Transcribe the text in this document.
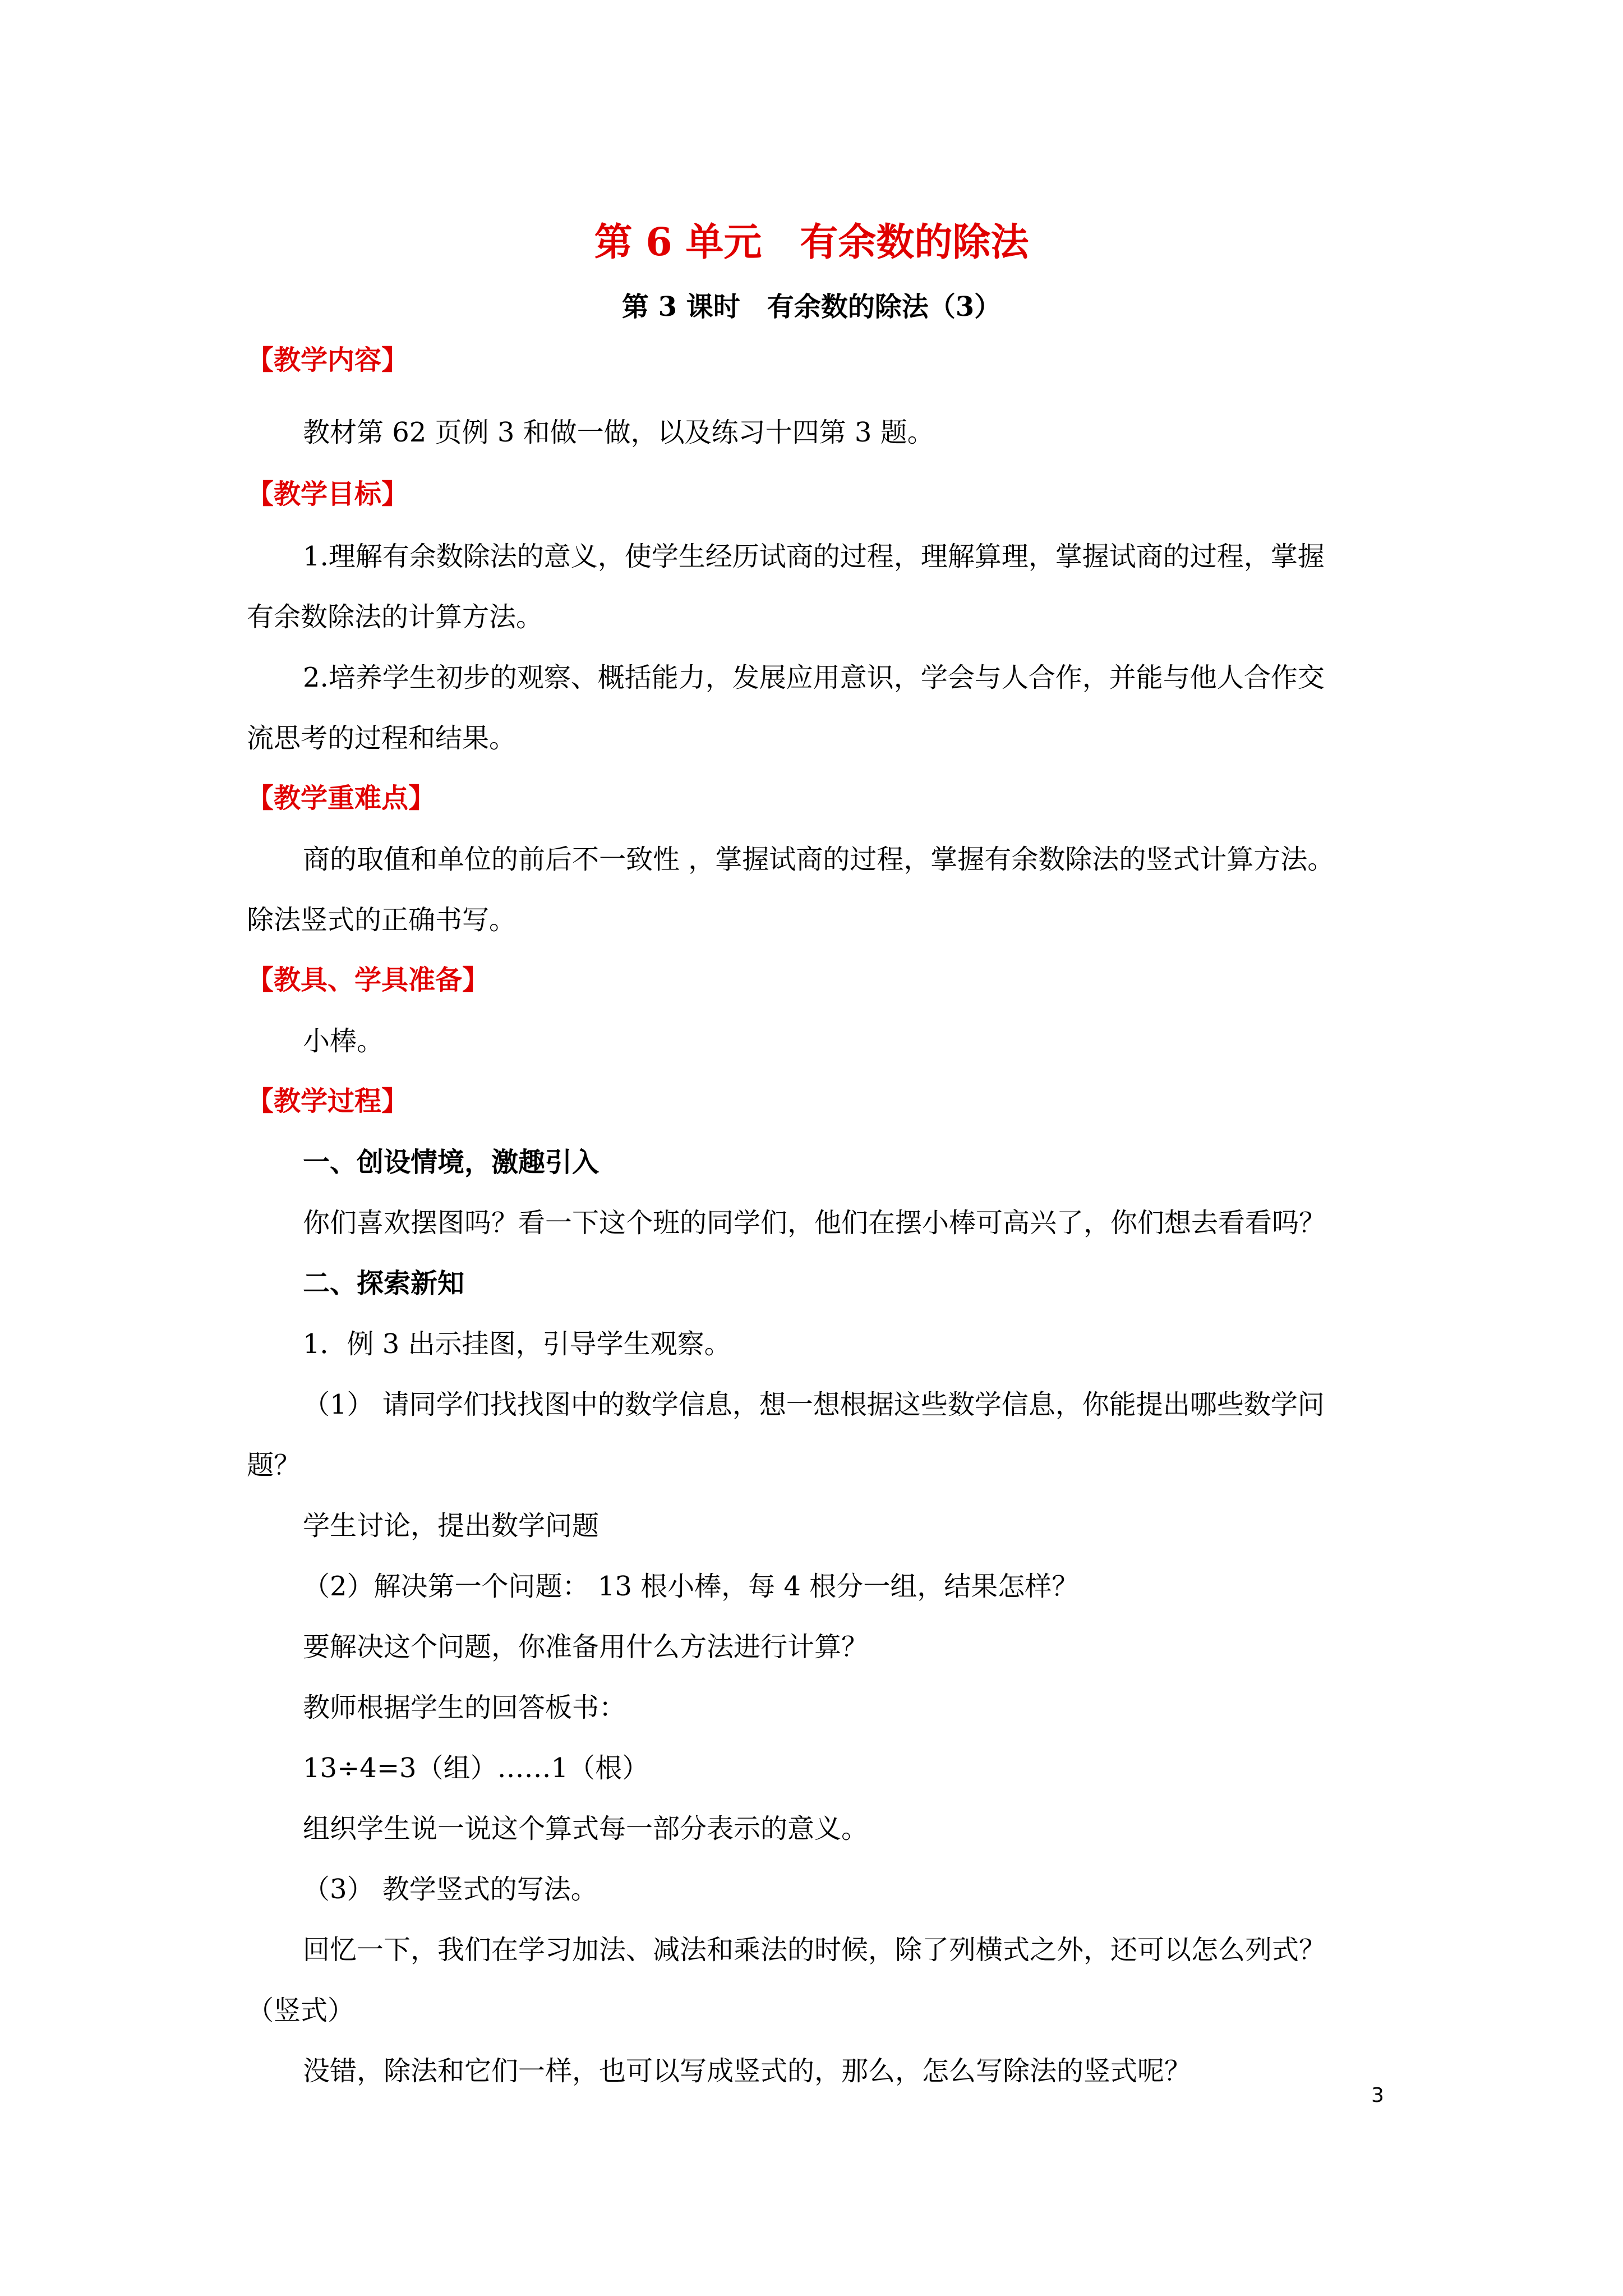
第 6 单元　有余数的除法
第 3 课时　有余数的除法（3）
【教学内容】
教材第 62 页例 3 和做一做，以及练习十四第 3 题。
【教学目标】
1.理解有余数除法的意义，使学生经历试商的过程，理解算理，掌握试商的过程，掌握
有余数除法的计算方法。
2.培养学生初步的观察、概括能力，发展应用意识，学会与人合作，并能与他人合作交
流思考的过程和结果。
【教学重难点】
商的取值和单位的前后不一致性 ，掌握试商的过程，掌握有余数除法的竖式计算方法。
除法竖式的正确书写。
【教具、学具准备】
小棒。
【教学过程】
一、创设情境，激趣引入
你们喜欢摆图吗？看一下这个班的同学们，他们在摆小棒可高兴了，你们想去看看吗？
二、探索新知
1．例 3 出示挂图，引导学生观察。
（1） 请同学们找找图中的数学信息，想一想根据这些数学信息，你能提出哪些数学问
题？
学生讨论，提出数学问题
（2）解决第一个问题： 13 根小棒，每 4 根分一组，结果怎样？
要解决这个问题，你准备用什么方法进行计算？
教师根据学生的回答板书：
13÷4=3（组）……1（根）
组织学生说一说这个算式每一部分表示的意义。
（3） 教学竖式的写法。
回忆一下，我们在学习加法、减法和乘法的时候，除了列横式之外，还可以怎么列式？
（竖式）
没错，除法和它们一样，也可以写成竖式的，那么，怎么写除法的竖式呢？
3
